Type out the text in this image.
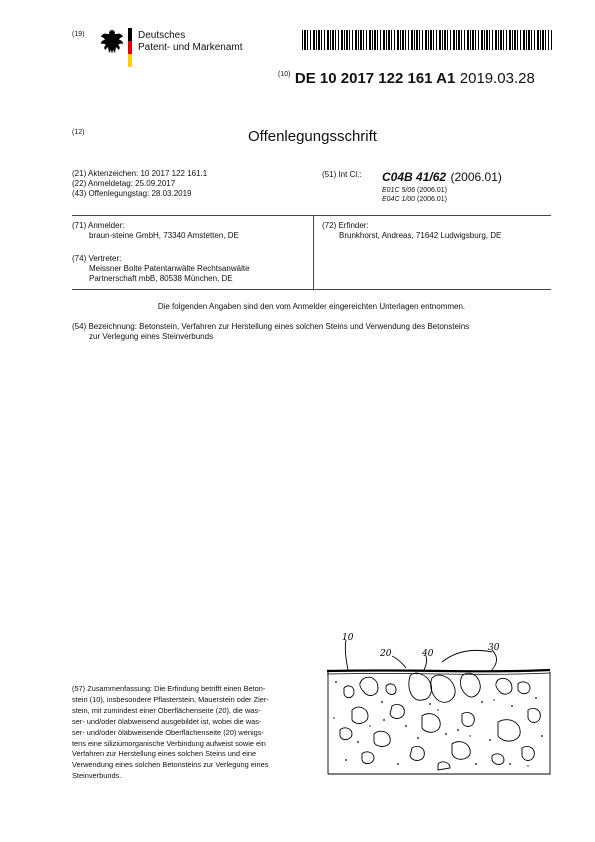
(19)	Deutsches
Patent- und Markenamt
$^{(10)}$ DE 10 2017 122 161 A1 2019.03.28
(12)	Offenlegungsschrift
(21) Aktenzeichen: 10 2017 122 161.1
(22) Anmeldetag: 25.09.2017
(43) Offenlegungstag: 28.03.2019
(51) Int Cl.: C04B 41/62 (2006.01)
E01C 5/06 (2006.01)
E04C 1/00 (2006.01)
(71) Anmelder:
braun-steine GmbH, 73340 Amstetten, DE
(74) Vertreter:
Meissner Bolte Patentanwälte Rechtsanwälte
Partnerschaft mbB, 80538 München, DE
(72) Erfinder:
Brunkhorst, Andreas, 71642 Ludwigsburg, DE
Die folgenden Angaben sind den vom Anmelder eingereichten Unterlagen entnommen.
(54) Bezeichnung: Betonstein, Verfahren zur Herstellung eines solchen Steins und Verwendung des Betonsteins
zur Verlegung eines Steinverbunds
(57) Zusammenfassung: Die Erfindung betrifft einen Beton-
stein (10), insbesondere Pflasterstein, Mauerstein oder Zier-
stein, mit zumindest einer Oberflächenseite (20), die was-
ser- und/oder ölabweisend ausgebildet ist, wobei die was-
ser- und/oder ölabweisende Oberflächenseite (20) wenigs-
tens eine siliziumorganische Verbindung aufweist sowie ein
Verfahren zur Herstellung eines solchen Steins und eine
Verwendung eines solchen Betonsteins zur Verlegung eines
Steinverbunds.
10
20	40
30
